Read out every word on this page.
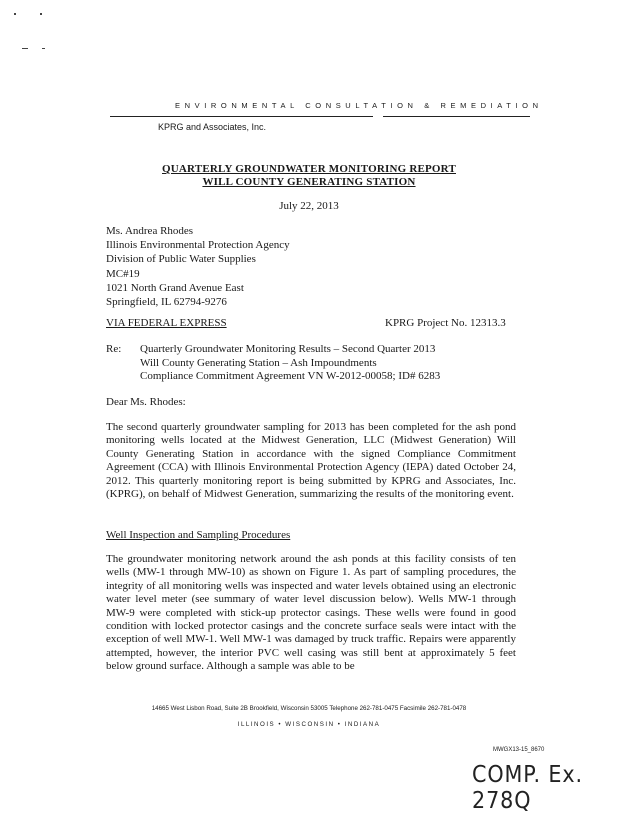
ENVIRONMENTAL CONSULTATION & REMEDIATION
KPRG and Associates, Inc.
QUARTERLY GROUNDWATER MONITORING REPORT
WILL COUNTY GENERATING STATION
July 22, 2013
Ms. Andrea Rhodes
Illinois Environmental Protection Agency
Division of Public Water Supplies
MC#19
1021 North Grand Avenue East
Springfield, IL 62794-9276
VIA FEDERAL EXPRESS	KPRG Project No. 12313.3
Re: Quarterly Groundwater Monitoring Results – Second Quarter 2013
Will County Generating Station – Ash Impoundments
Compliance Commitment Agreement VN W-2012-00058; ID# 6283
Dear Ms. Rhodes:
The second quarterly groundwater sampling for 2013 has been completed for the ash pond monitoring wells located at the Midwest Generation, LLC (Midwest Generation) Will County Generating Station in accordance with the signed Compliance Commitment Agreement (CCA) with Illinois Environmental Protection Agency (IEPA) dated October 24, 2012. This quarterly monitoring report is being submitted by KPRG and Associates, Inc. (KPRG), on behalf of Midwest Generation, summarizing the results of the monitoring event.
Well Inspection and Sampling Procedures
The groundwater monitoring network around the ash ponds at this facility consists of ten wells (MW-1 through MW-10) as shown on Figure 1. As part of sampling procedures, the integrity of all monitoring wells was inspected and water levels obtained using an electronic water level meter (see summary of water level discussion below). Wells MW-1 through MW-9 were completed with stick-up protector casings. These wells were found in good condition with locked protector casings and the concrete surface seals were intact with the exception of well MW-1. Well MW-1 was damaged by truck traffic. Repairs were apparently attempted, however, the interior PVC well casing was still bent at approximately 5 feet below ground surface. Although a sample was able to be
14665 West Lisbon Road, Suite 2B Brookfield, Wisconsin 53005 Telephone 262-781-0475 Facsimile 262-781-0478
ILLINOIS • WISCONSIN • INDIANA
MWGX13-15_8670
COMP. Ex. 278Q
